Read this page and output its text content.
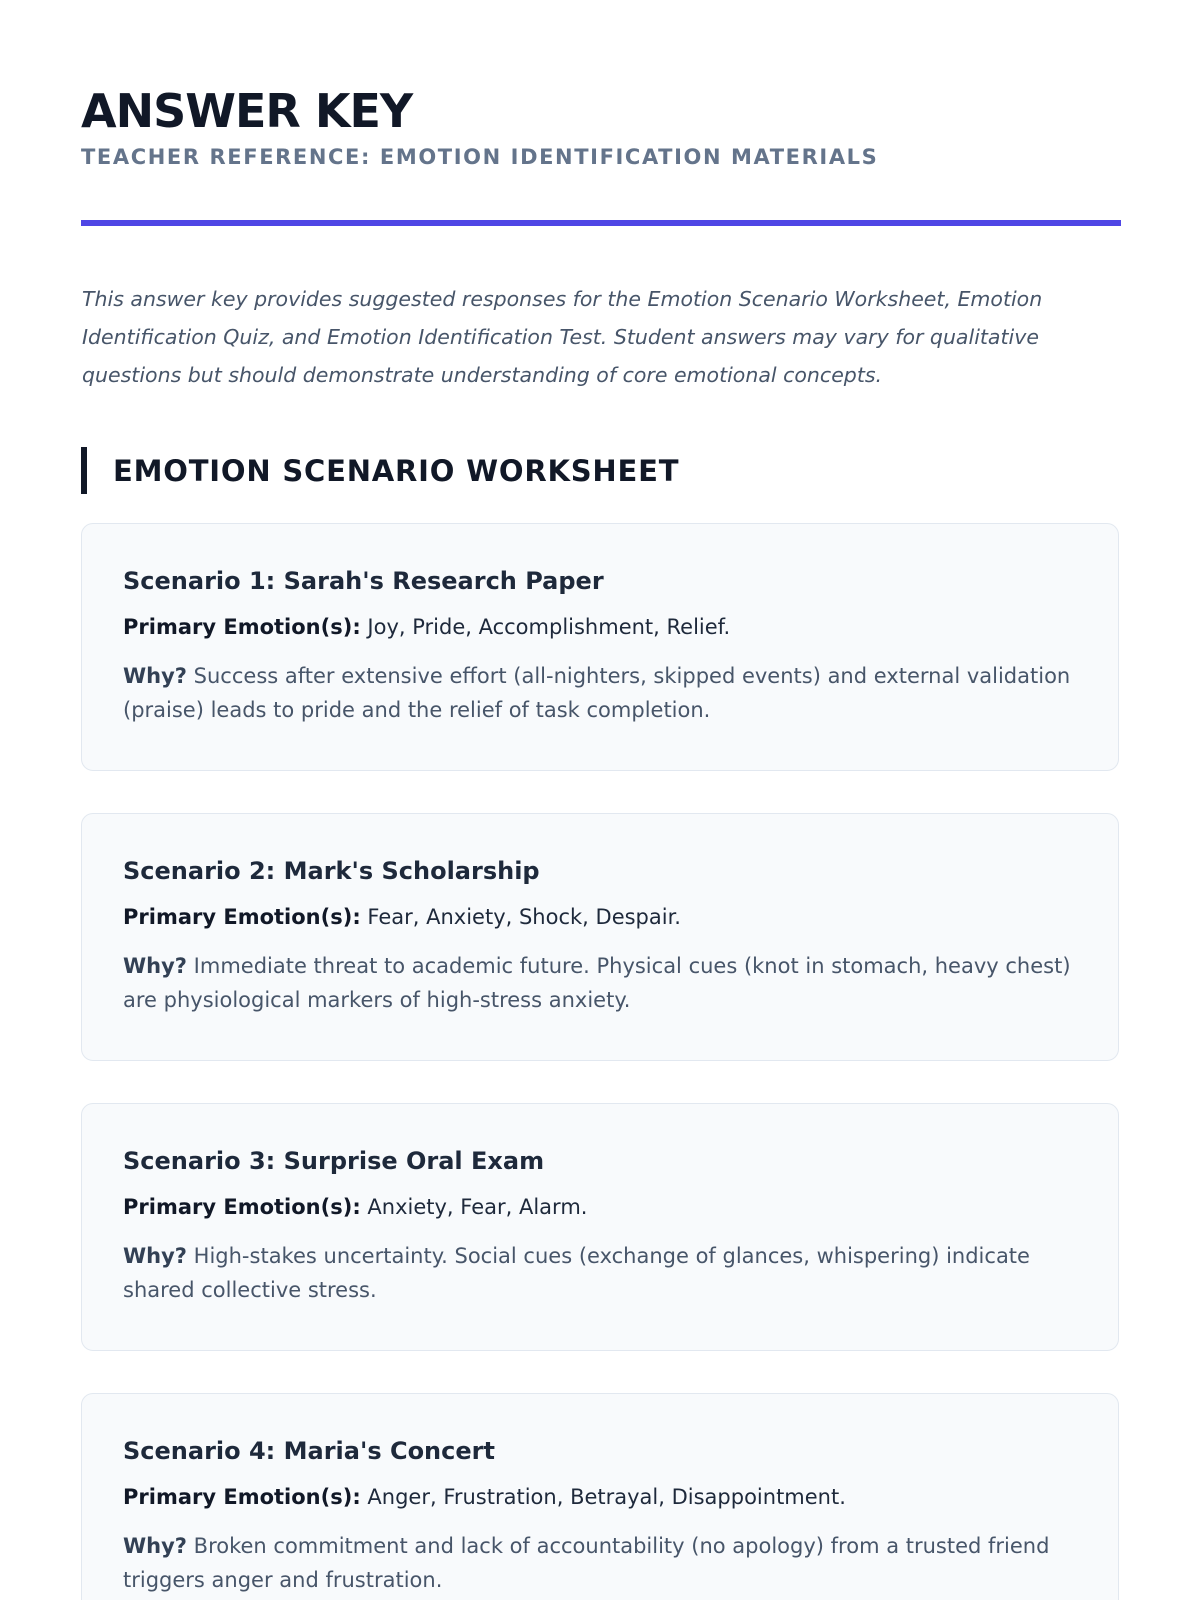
ANSWER KEY
TEACHER REFERENCE: EMOTION IDENTIFICATION MATERIALS

This answer key provides suggested responses for the Emotion Scenario Worksheet, Emotion Identification Quiz, and Emotion Identification Test. Student answers may vary for qualitative questions but should demonstrate understanding of core emotional concepts.

EMOTION SCENARIO WORKSHEET
Scenario 1: Sarah's Research Paper

Primary Emotion(s): Joy, Pride, Accomplishment, Relief.

Why? Success after extensive effort (all-nighters, skipped events) and external validation (praise) leads to pride and the relief of task completion.

Scenario 2: Mark's Scholarship

Primary Emotion(s): Fear, Anxiety, Shock, Despair.

Why? Immediate threat to academic future. Physical cues (knot in stomach, heavy chest) are physiological markers of high-stress anxiety.

Scenario 3: Surprise Oral Exam

Primary Emotion(s): Anxiety, Fear, Alarm.

Why? High-stakes uncertainty. Social cues (exchange of glances, whispering) indicate shared collective stress.

Scenario 4: Maria's Concert

Primary Emotion(s): Anger, Frustration, Betrayal, Disappointment.

Why? Broken commitment and lack of accountability (no apology) from a trusted friend triggers anger and frustration.
